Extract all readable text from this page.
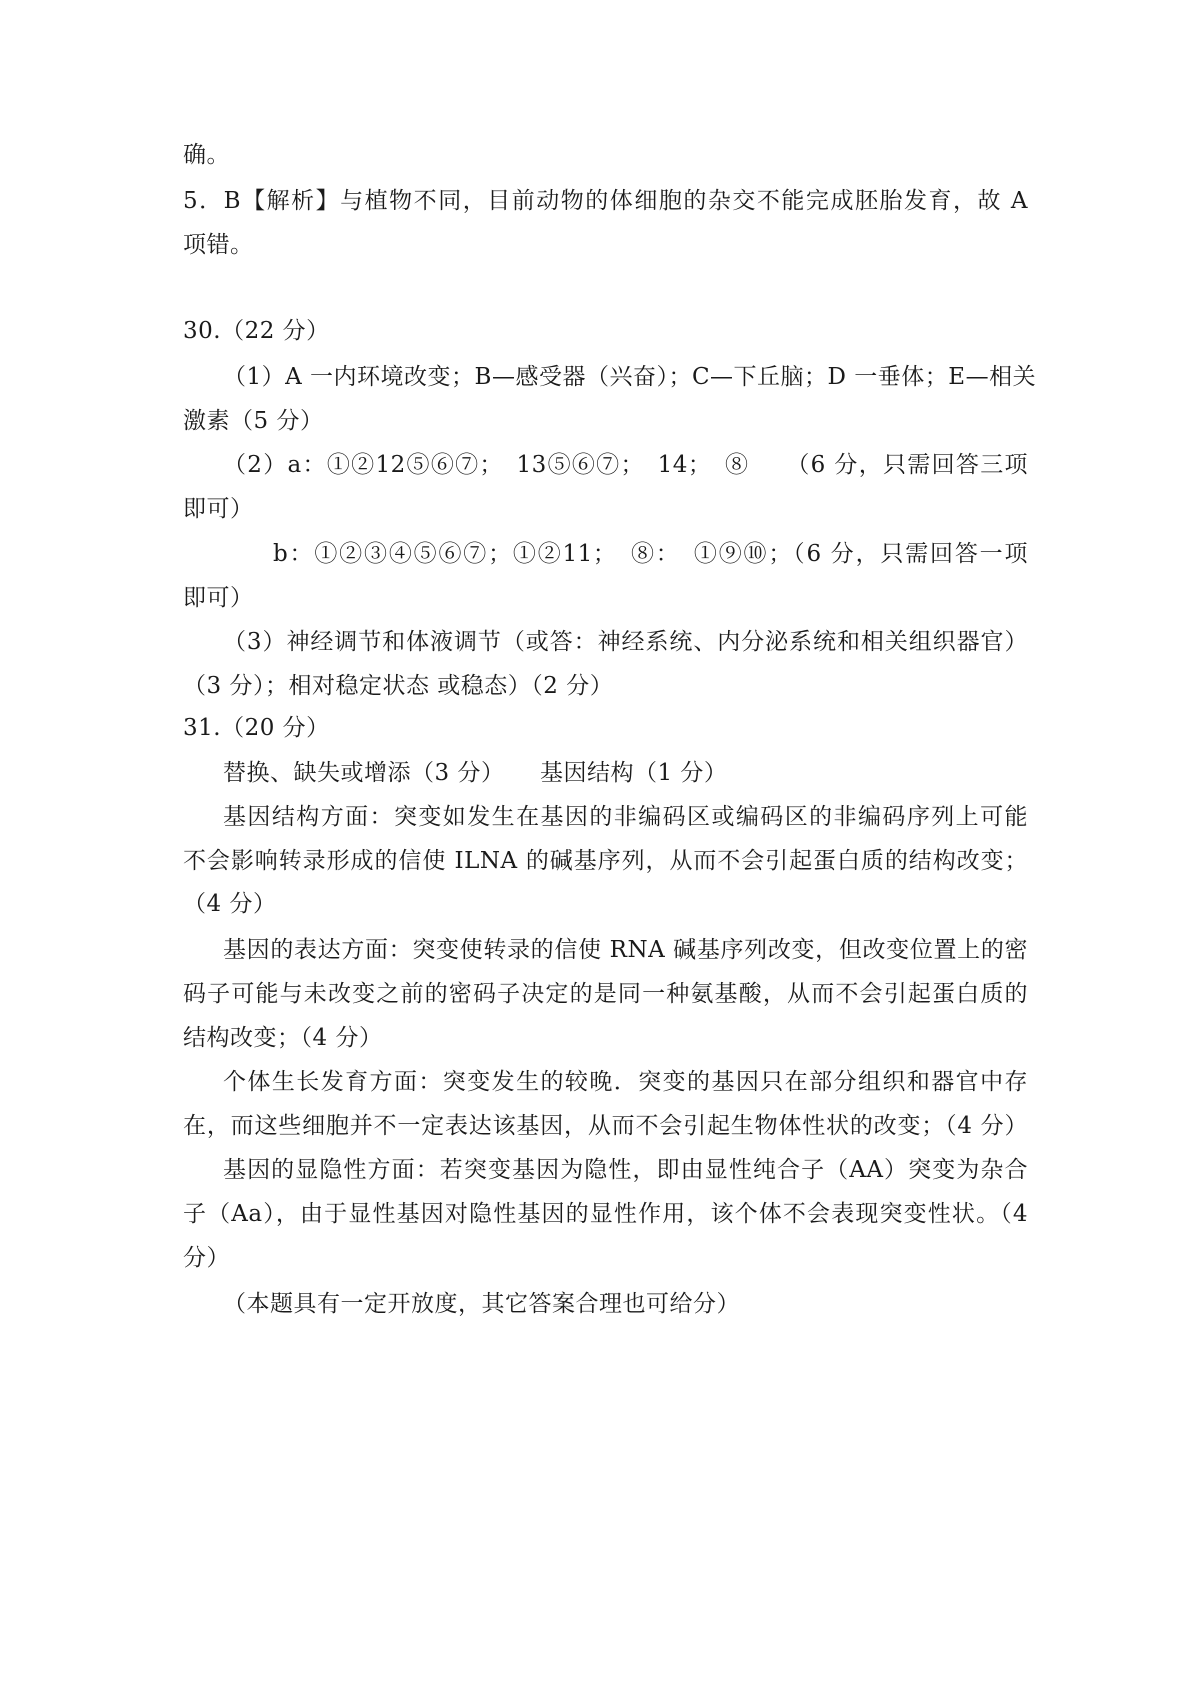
确。
5．B【解析】与植物不同，目前动物的体细胞的杂交不能完成胚胎发育，故 A
项错。
30.（22 分）
（1）A 一内环境改变；B—感受器（兴奋）；C—下丘脑；D 一垂体；E—相关
激素（5 分）
（2）a：①②12⑤⑥⑦；　13⑤⑥⑦；　14；　⑧　　（6 分，只需回答三项
即可）
b：①②③④⑤⑥⑦；①②11；　⑧：　①⑨⑩；（6 分，只需回答一项
即可）
（3）神经调节和体液调节（或答：神经系统、内分泌系统和相关组织器官）
（3 分）；相对稳定状态 或稳态）（2 分）
31.（20 分）
替换、缺失或增添（3 分）　　基因结构（1 分）
基因结构方面：突变如发生在基因的非编码区或编码区的非编码序列上可能
不会影响转录形成的信使 ILNA 的碱基序列，从而不会引起蛋白质的结构改变；
（4 分）
基因的表达方面：突变使转录的信使 RNA 碱基序列改变，但改变位置上的密
码子可能与未改变之前的密码子决定的是同一种氨基酸，从而不会引起蛋白质的
结构改变；（4 分）
个体生长发育方面：突变发生的较晚．突变的基因只在部分组织和器官中存
在，而这些细胞并不一定表达该基因，从而不会引起生物体性状的改变；（4 分）
基因的显隐性方面：若突变基因为隐性，即由显性纯合子（AA）突变为杂合
子（Aa），由于显性基因对隐性基因的显性作用，该个体不会表现突变性状。（4
分）
（本题具有一定开放度，其它答案合理也可给分）
